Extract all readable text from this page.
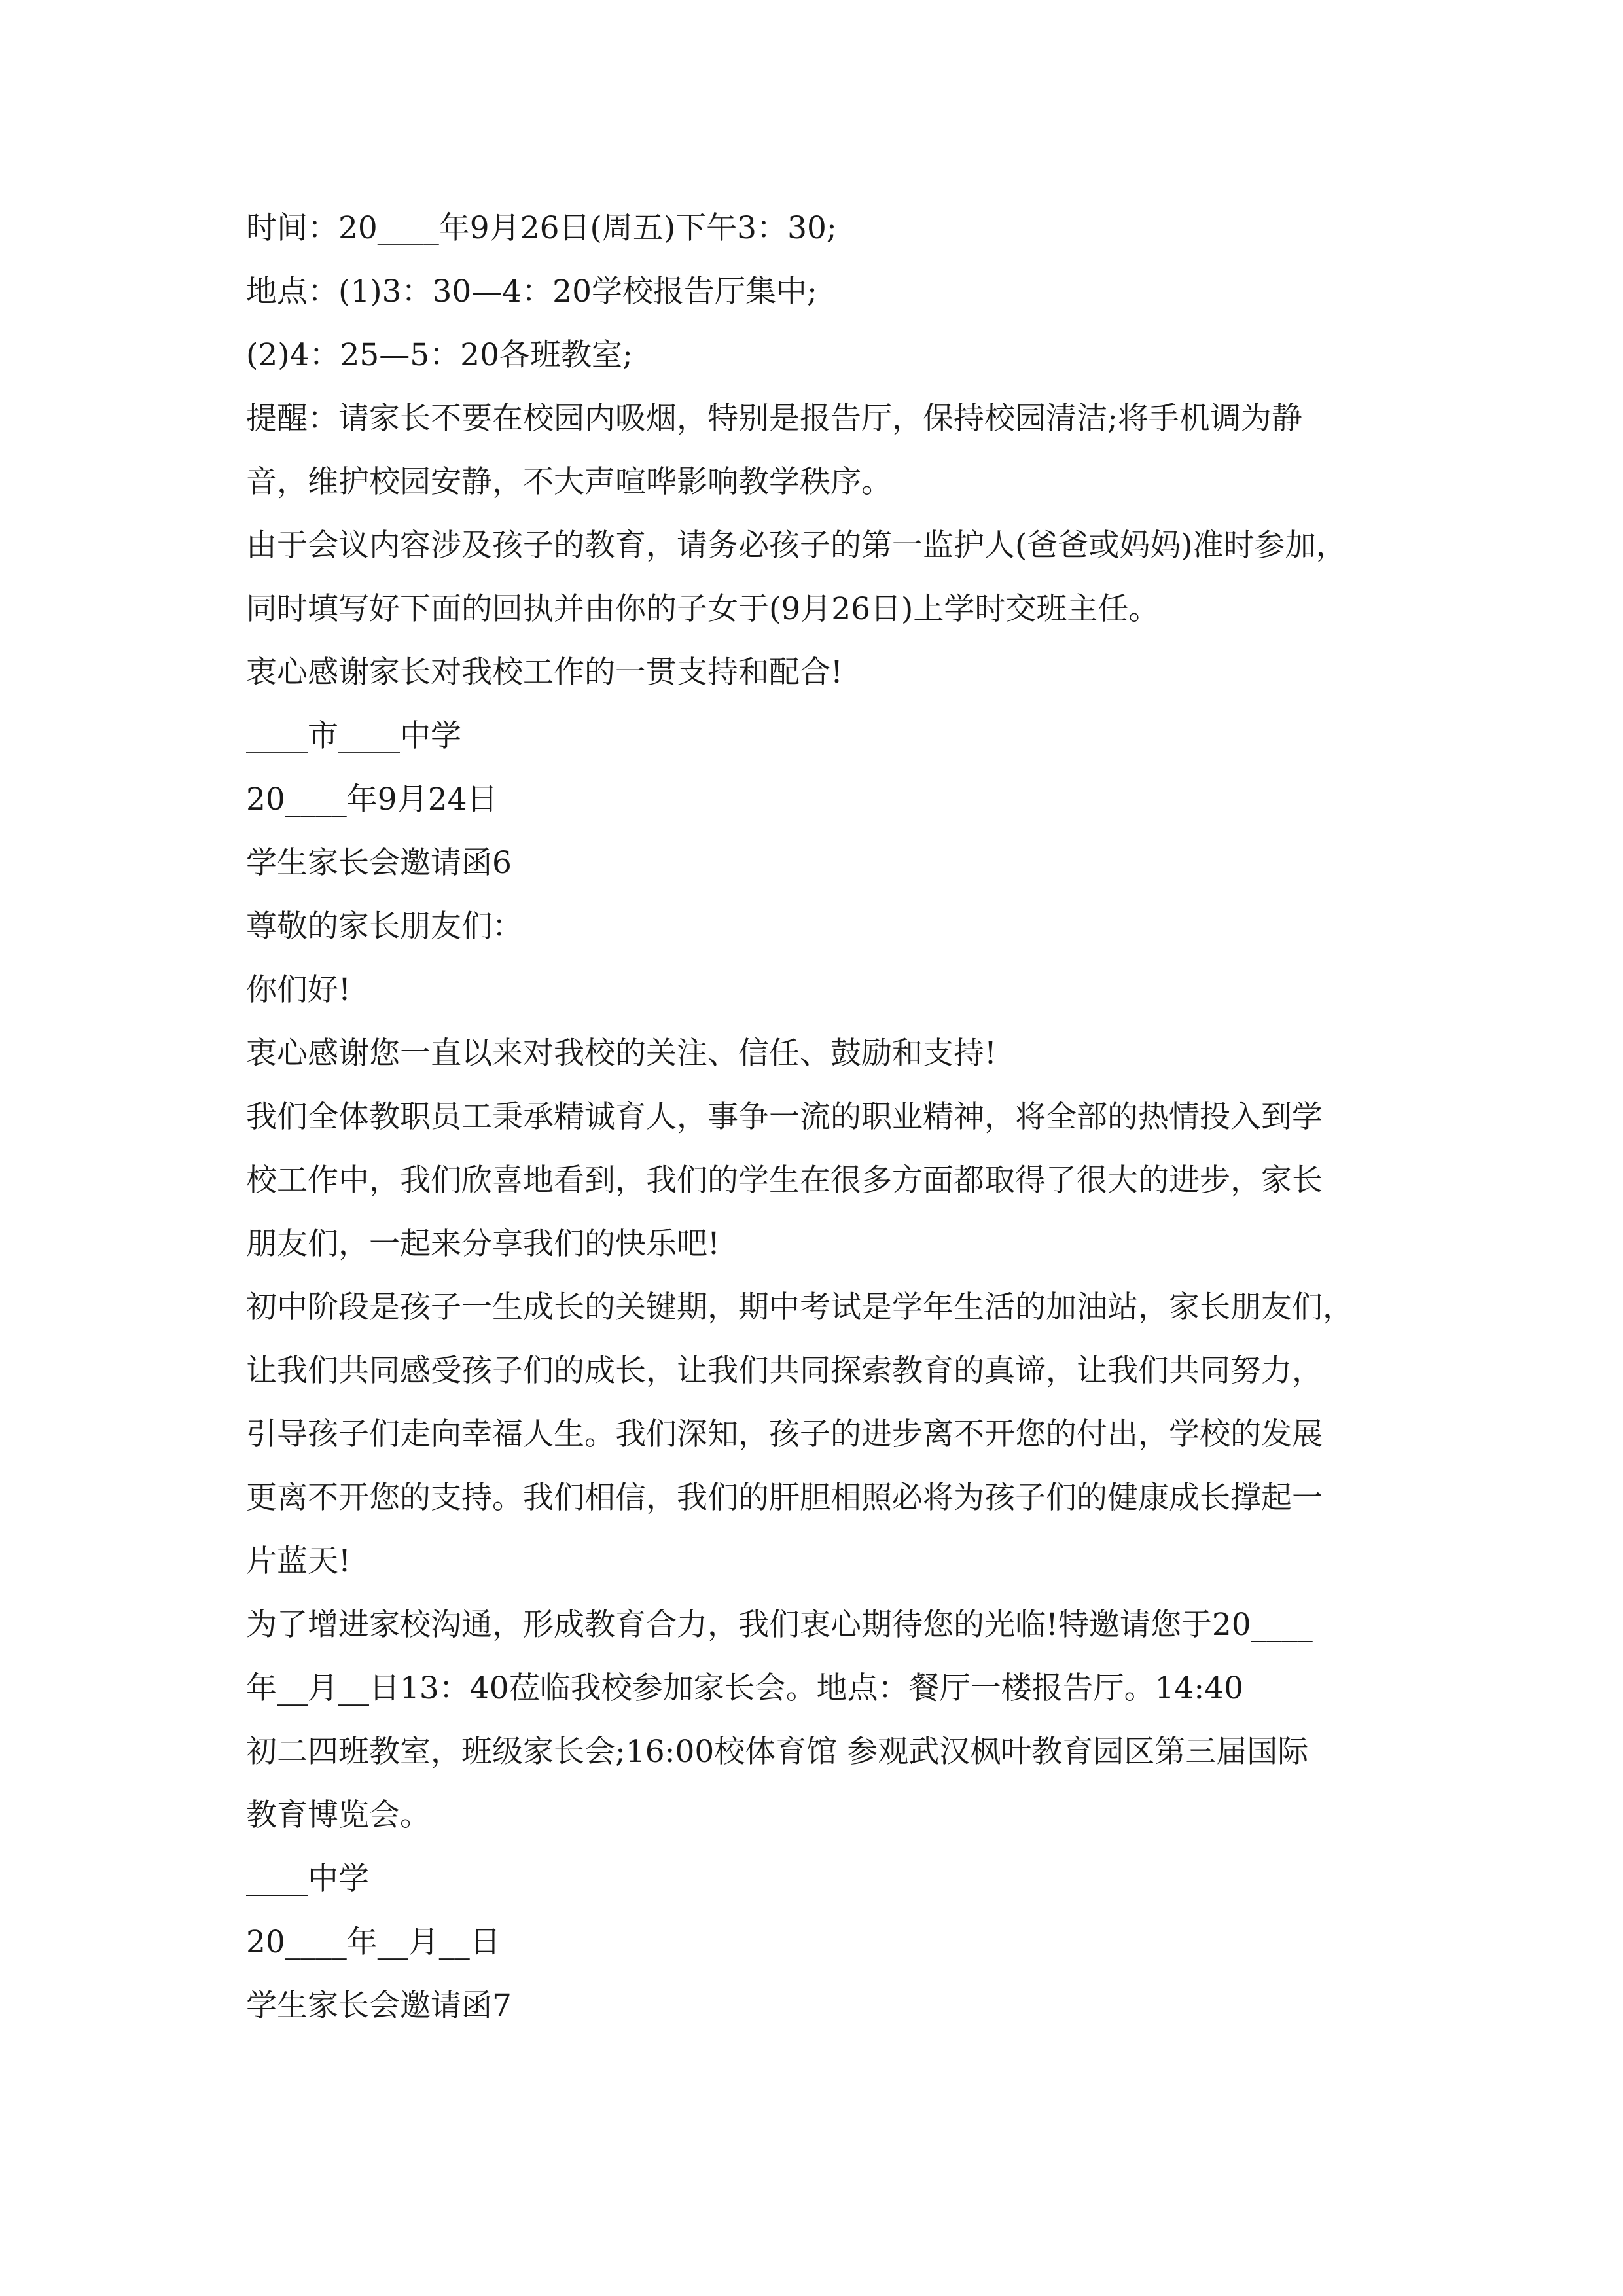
时间：20____年9月26日(周五)下午3：30;
地点：(1)3：30—4：20学校报告厅集中;
(2)4：25—5：20各班教室;
提醒：请家长不要在校园内吸烟，特别是报告厅，保持校园清洁;将手机调为静
音，维护校园安静，不大声喧哗影响教学秩序。
由于会议内容涉及孩子的教育，请务必孩子的第一监护人(爸爸或妈妈)准时参加，
同时填写好下面的回执并由你的子女于(9月26日)上学时交班主任。
衷心感谢家长对我校工作的一贯支持和配合!
____市____中学
20____年9月24日
学生家长会邀请函6
尊敬的家长朋友们：
你们好!
衷心感谢您一直以来对我校的关注、信任、鼓励和支持!
我们全体教职员工秉承精诚育人，事争一流的职业精神，将全部的热情投入到学
校工作中，我们欣喜地看到，我们的学生在很多方面都取得了很大的进步，家长
朋友们，一起来分享我们的快乐吧!
初中阶段是孩子一生成长的关键期，期中考试是学年生活的加油站，家长朋友们，
让我们共同感受孩子们的成长，让我们共同探索教育的真谛，让我们共同努力，
引导孩子们走向幸福人生。我们深知，孩子的进步离不开您的付出，学校的发展
更离不开您的支持。我们相信，我们的肝胆相照必将为孩子们的健康成长撑起一
片蓝天!
为了增进家校沟通，形成教育合力，我们衷心期待您的光临!特邀请您于20____
年__月__日13：40莅临我校参加家长会。地点：餐厅一楼报告厅。14:40
初二四班教室，班级家长会;16:00校体育馆 参观武汉枫叶教育园区第三届国际
教育博览会。
____中学
20____年__月__日
学生家长会邀请函7
